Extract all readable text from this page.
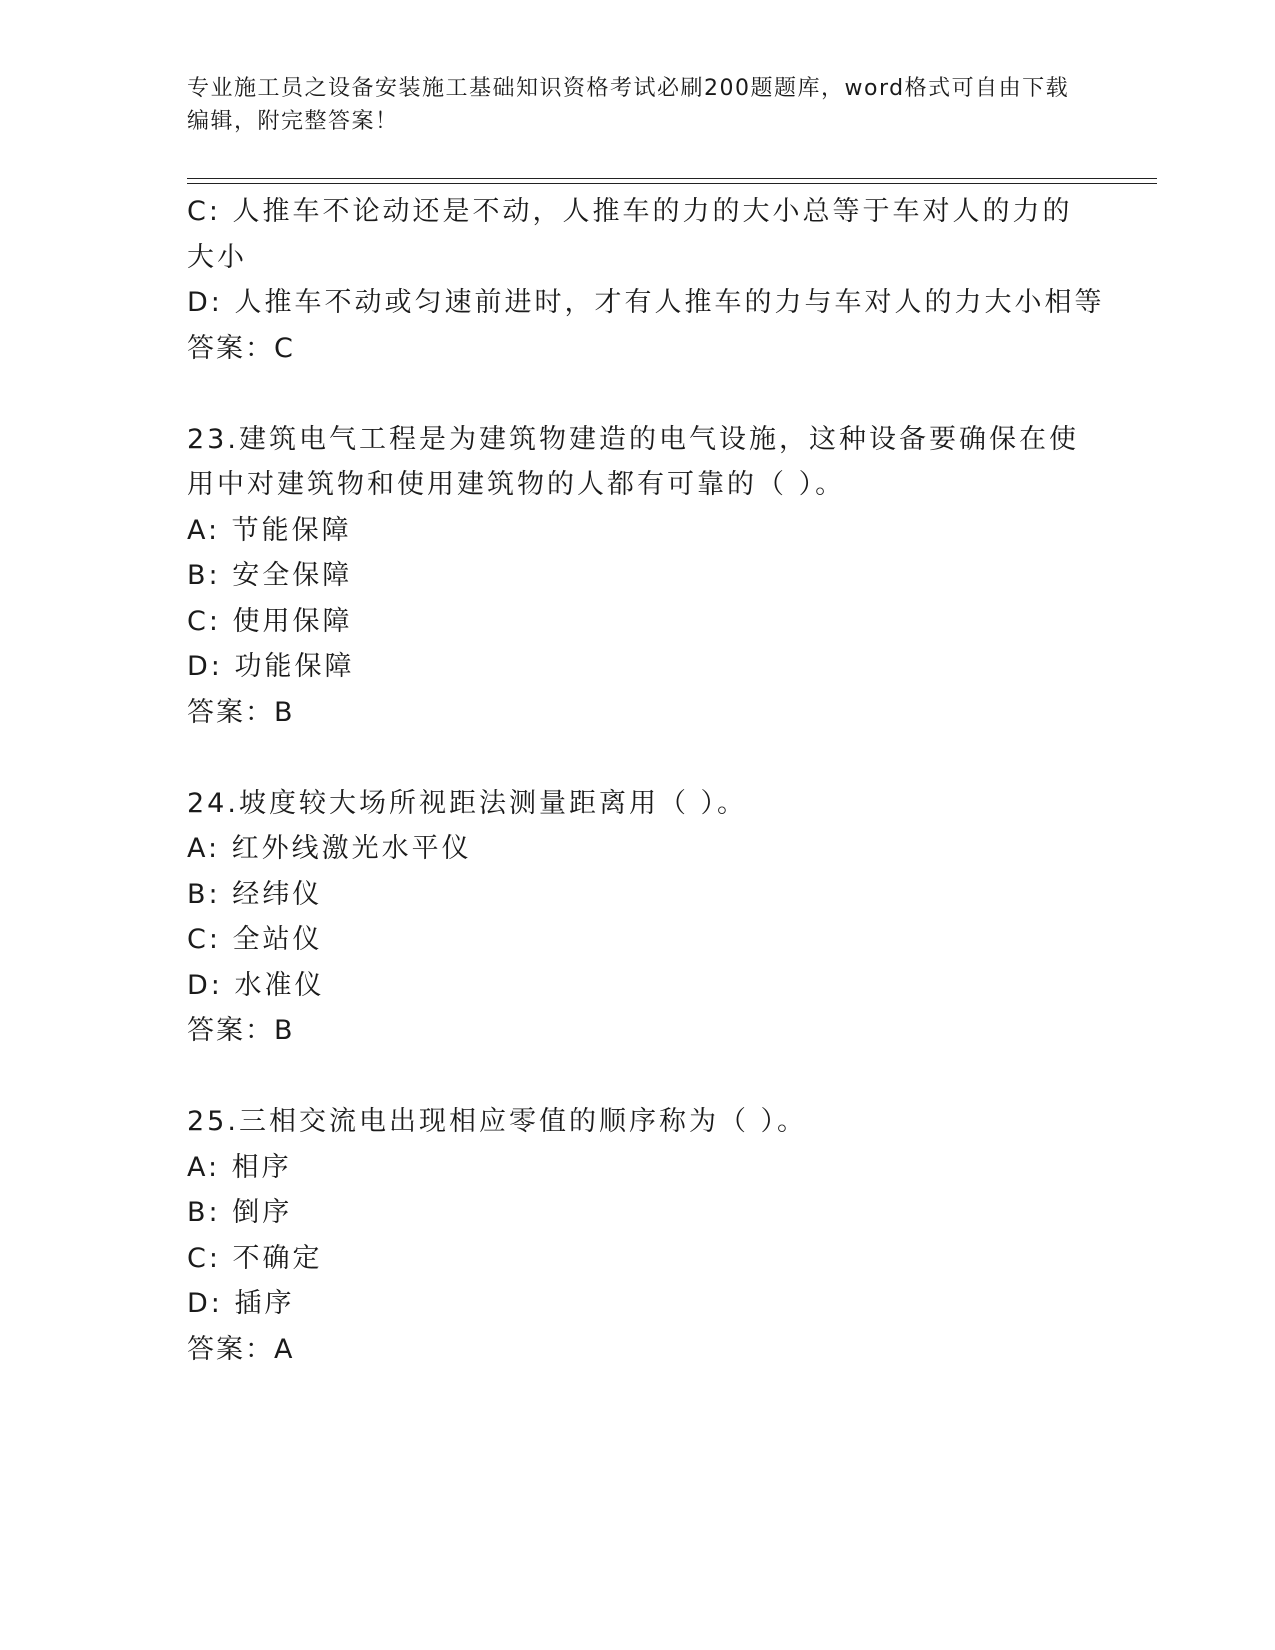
专业施工员之设备安装施工基础知识资格考试必刷200题题库，word格式可自由下载编辑，附完整答案！
C: 人推车不论动还是不动，人推车的力的大小总等于车对人的力的大小
D: 人推车不动或匀速前进时，才有人推车的力与车对人的力大小相等
答案：C
23.建筑电气工程是为建筑物建造的电气设施，这种设备要确保在使用中对建筑物和使用建筑物的人都有可靠的（ ）。
A: 节能保障
B: 安全保障
C: 使用保障
D: 功能保障
答案：B
24.坡度较大场所视距法测量距离用（ ）。
A: 红外线激光水平仪
B: 经纬仪
C: 全站仪
D: 水准仪
答案：B
25.三相交流电出现相应零值的顺序称为（ ）。
A: 相序
B: 倒序
C: 不确定
D: 插序
答案：A
